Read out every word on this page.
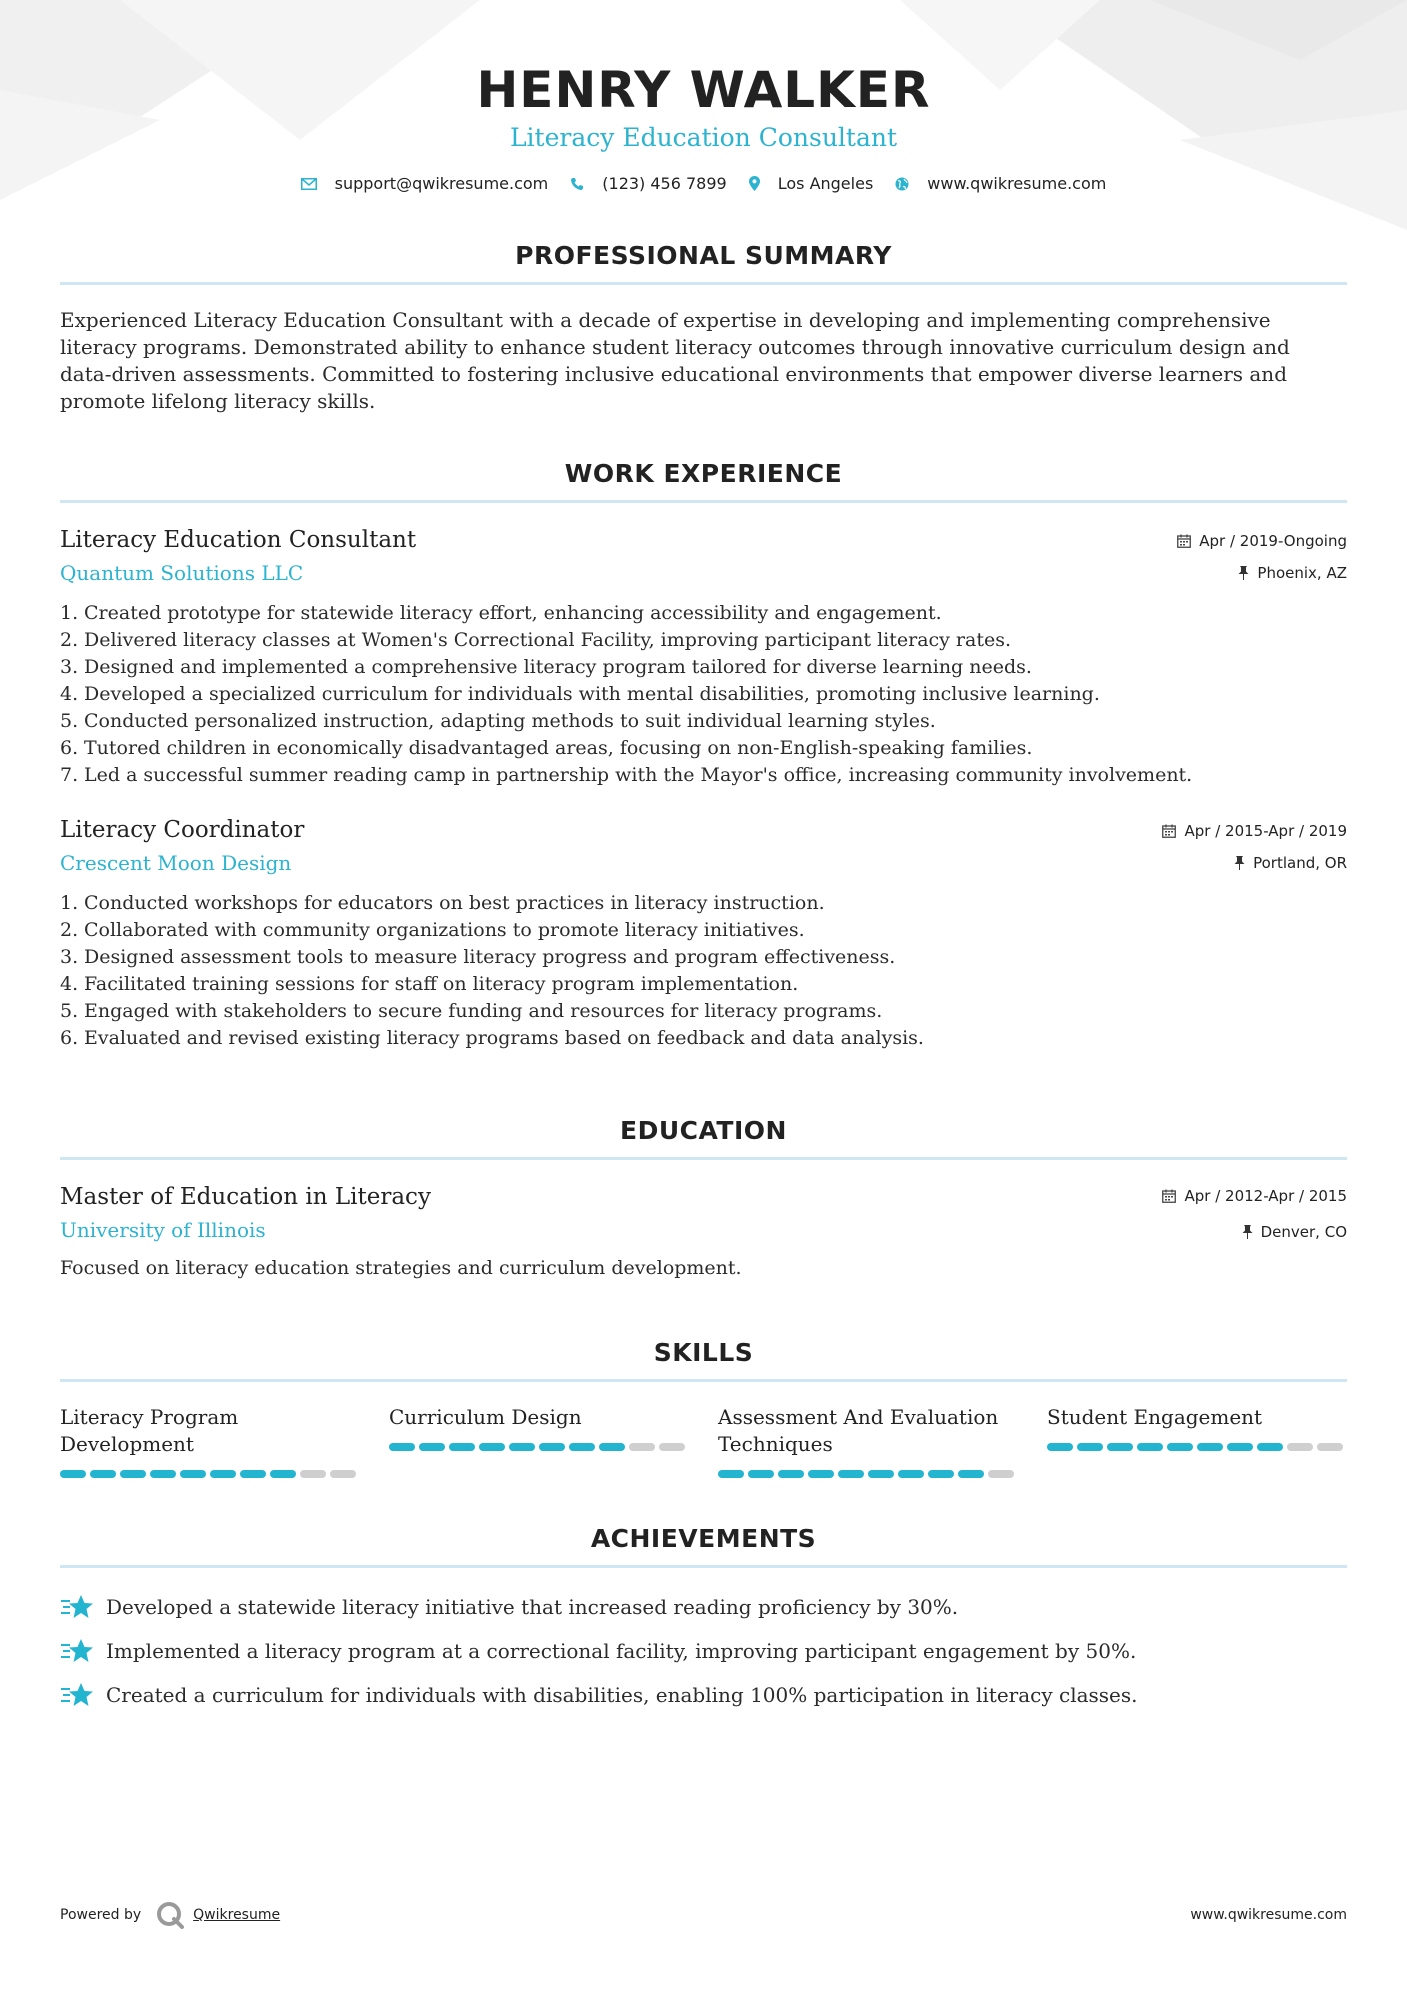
HENRY WALKER
Literacy Education Consultant
support@qwikresume.com	(123) 456 7899	Los Angeles	www.qwikresume.com
PROFESSIONAL SUMMARY

Experienced Literacy Education Consultant with a decade of expertise in developing and implementing comprehensive literacy programs. Demonstrated ability to enhance student literacy outcomes through innovative curriculum design and data-driven assessments. Committed to fostering inclusive educational environments that empower diverse learners and promote lifelong literacy skills.

WORK EXPERIENCE
Literacy Education Consultant
Quantum Solutions LLC
Apr / 2019-Ongoing
Phoenix, AZ
1. Created prototype for statewide literacy effort, enhancing accessibility and engagement.
2. Delivered literacy classes at Women's Correctional Facility, improving participant literacy rates.
3. Designed and implemented a comprehensive literacy program tailored for diverse learning needs.
4. Developed a specialized curriculum for individuals with mental disabilities, promoting inclusive learning.
5. Conducted personalized instruction, adapting methods to suit individual learning styles.
6. Tutored children in economically disadvantaged areas, focusing on non-English-speaking families.
7. Led a successful summer reading camp in partnership with the Mayor's office, increasing community involvement.
Literacy Coordinator
Crescent Moon Design
Apr / 2015-Apr / 2019
Portland, OR
1. Conducted workshops for educators on best practices in literacy instruction.
2. Collaborated with community organizations to promote literacy initiatives.
3. Designed assessment tools to measure literacy progress and program effectiveness.
4. Facilitated training sessions for staff on literacy program implementation.
5. Engaged with stakeholders to secure funding and resources for literacy programs.
6. Evaluated and revised existing literacy programs based on feedback and data analysis.
EDUCATION
Master of Education in Literacy
University of Illinois
Apr / 2012-Apr / 2015
Denver, CO

Focused on literacy education strategies and curriculum development.

SKILLS
Literacy Program Development
Curriculum Design	Assessment And Evaluation Techniques
Student Engagement
ACHIEVEMENTS
Developed a statewide literacy initiative that increased reading proficiency by 30%.
Implemented a literacy program at a correctional facility, improving participant engagement by 50%.
Created a curriculum for individuals with disabilities, enabling 100% participation in literacy classes.
Powered by	Qwikresume	www.qwikresume.com
